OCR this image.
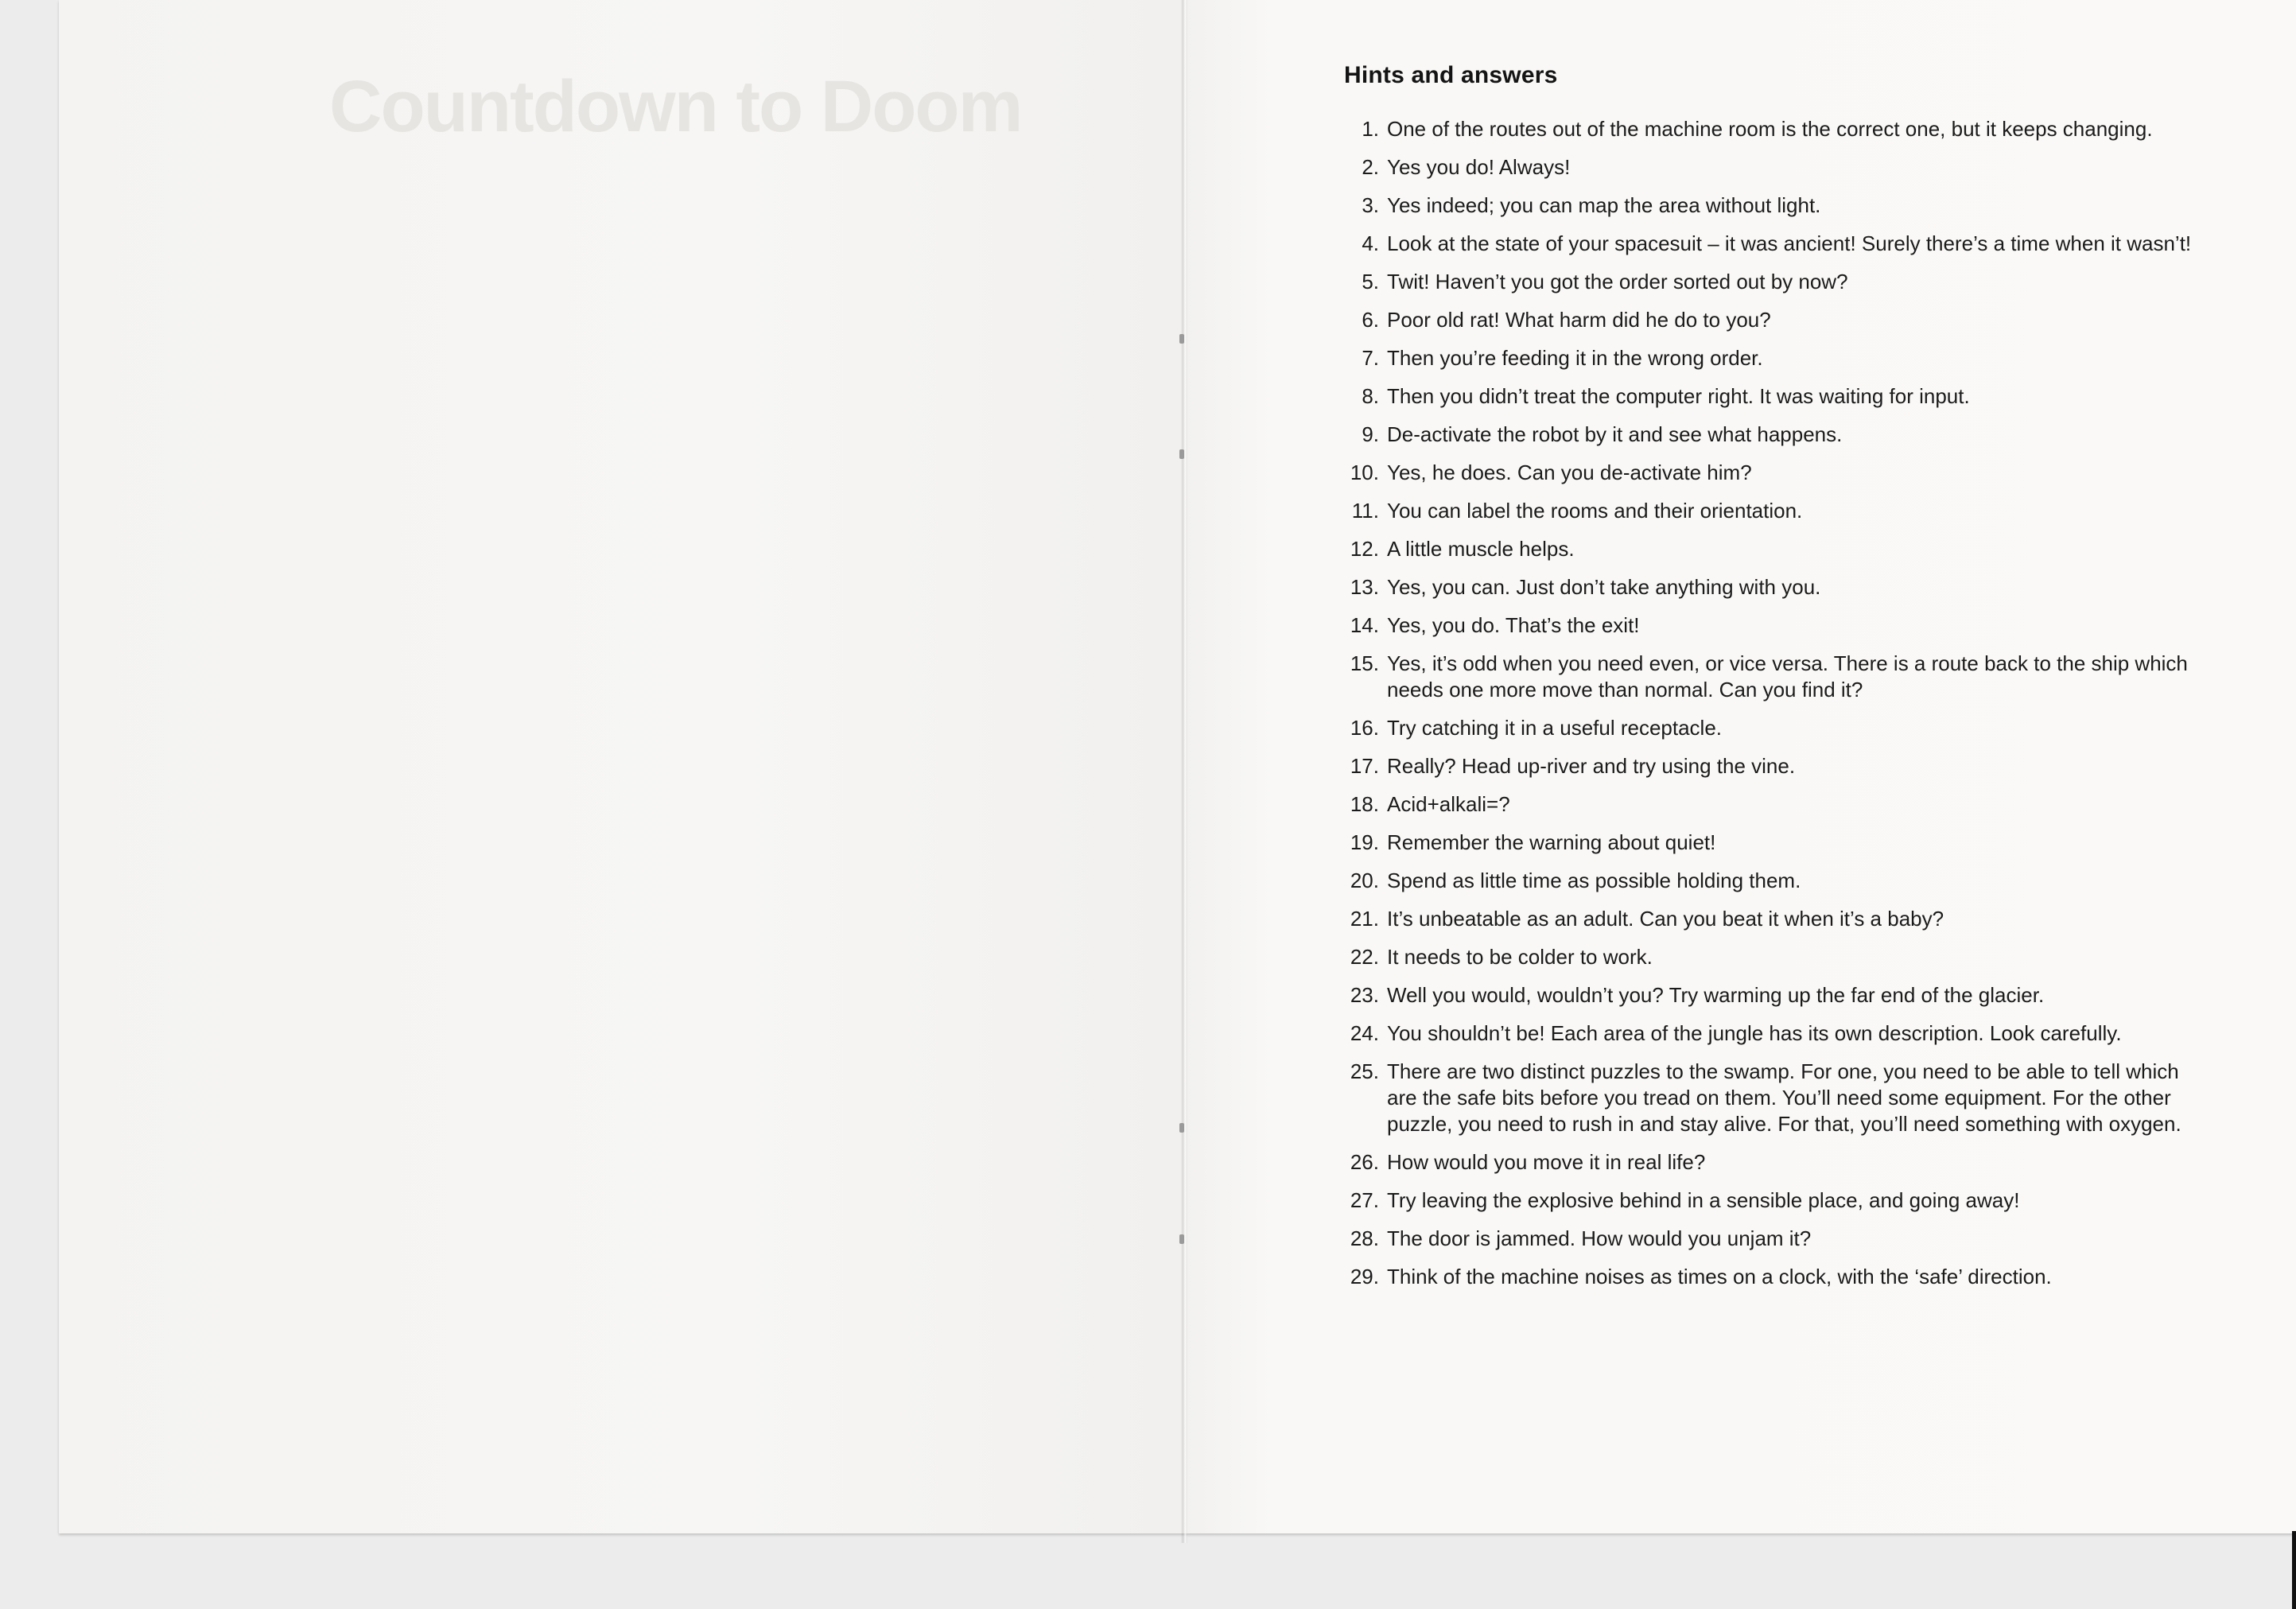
Countdown to Doom	Hints and answers
1. One of the routes out of the machine room is the correct one, but it keeps changing.
2. Yes you do! Always!
3. Yes indeed; you can map the area without light.
4. Look at the state of your spacesuit – it was ancient! Surely there’s a time when it wasn’t!
5. Twit! Haven’t you got the order sorted out by now?
6. Poor old rat! What harm did he do to you?
7. Then you’re feeding it in the wrong order.
8. Then you didn’t treat the computer right. It was waiting for input.
9. De-activate the robot by it and see what happens.
10. Yes, he does. Can you de-activate him?
11. You can label the rooms and their orientation.
12. A little muscle helps.
13. Yes, you can. Just don’t take anything with you.
14. Yes, you do. That’s the exit!
15. Yes, it’s odd when you need even, or vice versa. There is a route back to the ship which needs one more move than normal. Can you find it?
16. Try catching it in a useful receptacle.
17. Really? Head up-river and try using the vine.
18. Acid+alkali=?
19. Remember the warning about quiet!
20. Spend as little time as possible holding them.
21. It’s unbeatable as an adult. Can you beat it when it’s a baby?
22. It needs to be colder to work.
23. Well you would, wouldn’t you? Try warming up the far end of the glacier.
24. You shouldn’t be! Each area of the jungle has its own description. Look carefully.
25. There are two distinct puzzles to the swamp. For one, you need to be able to tell which are the safe bits before you tread on them. You’ll need some equipment. For the other puzzle, you need to rush in and stay alive. For that, you’ll need something with oxygen.
26. How would you move it in real life?
27. Try leaving the explosive behind in a sensible place, and going away!
28. The door is jammed. How would you unjam it?
29. Think of the machine noises as times on a clock, with the ‘safe’ direction.
